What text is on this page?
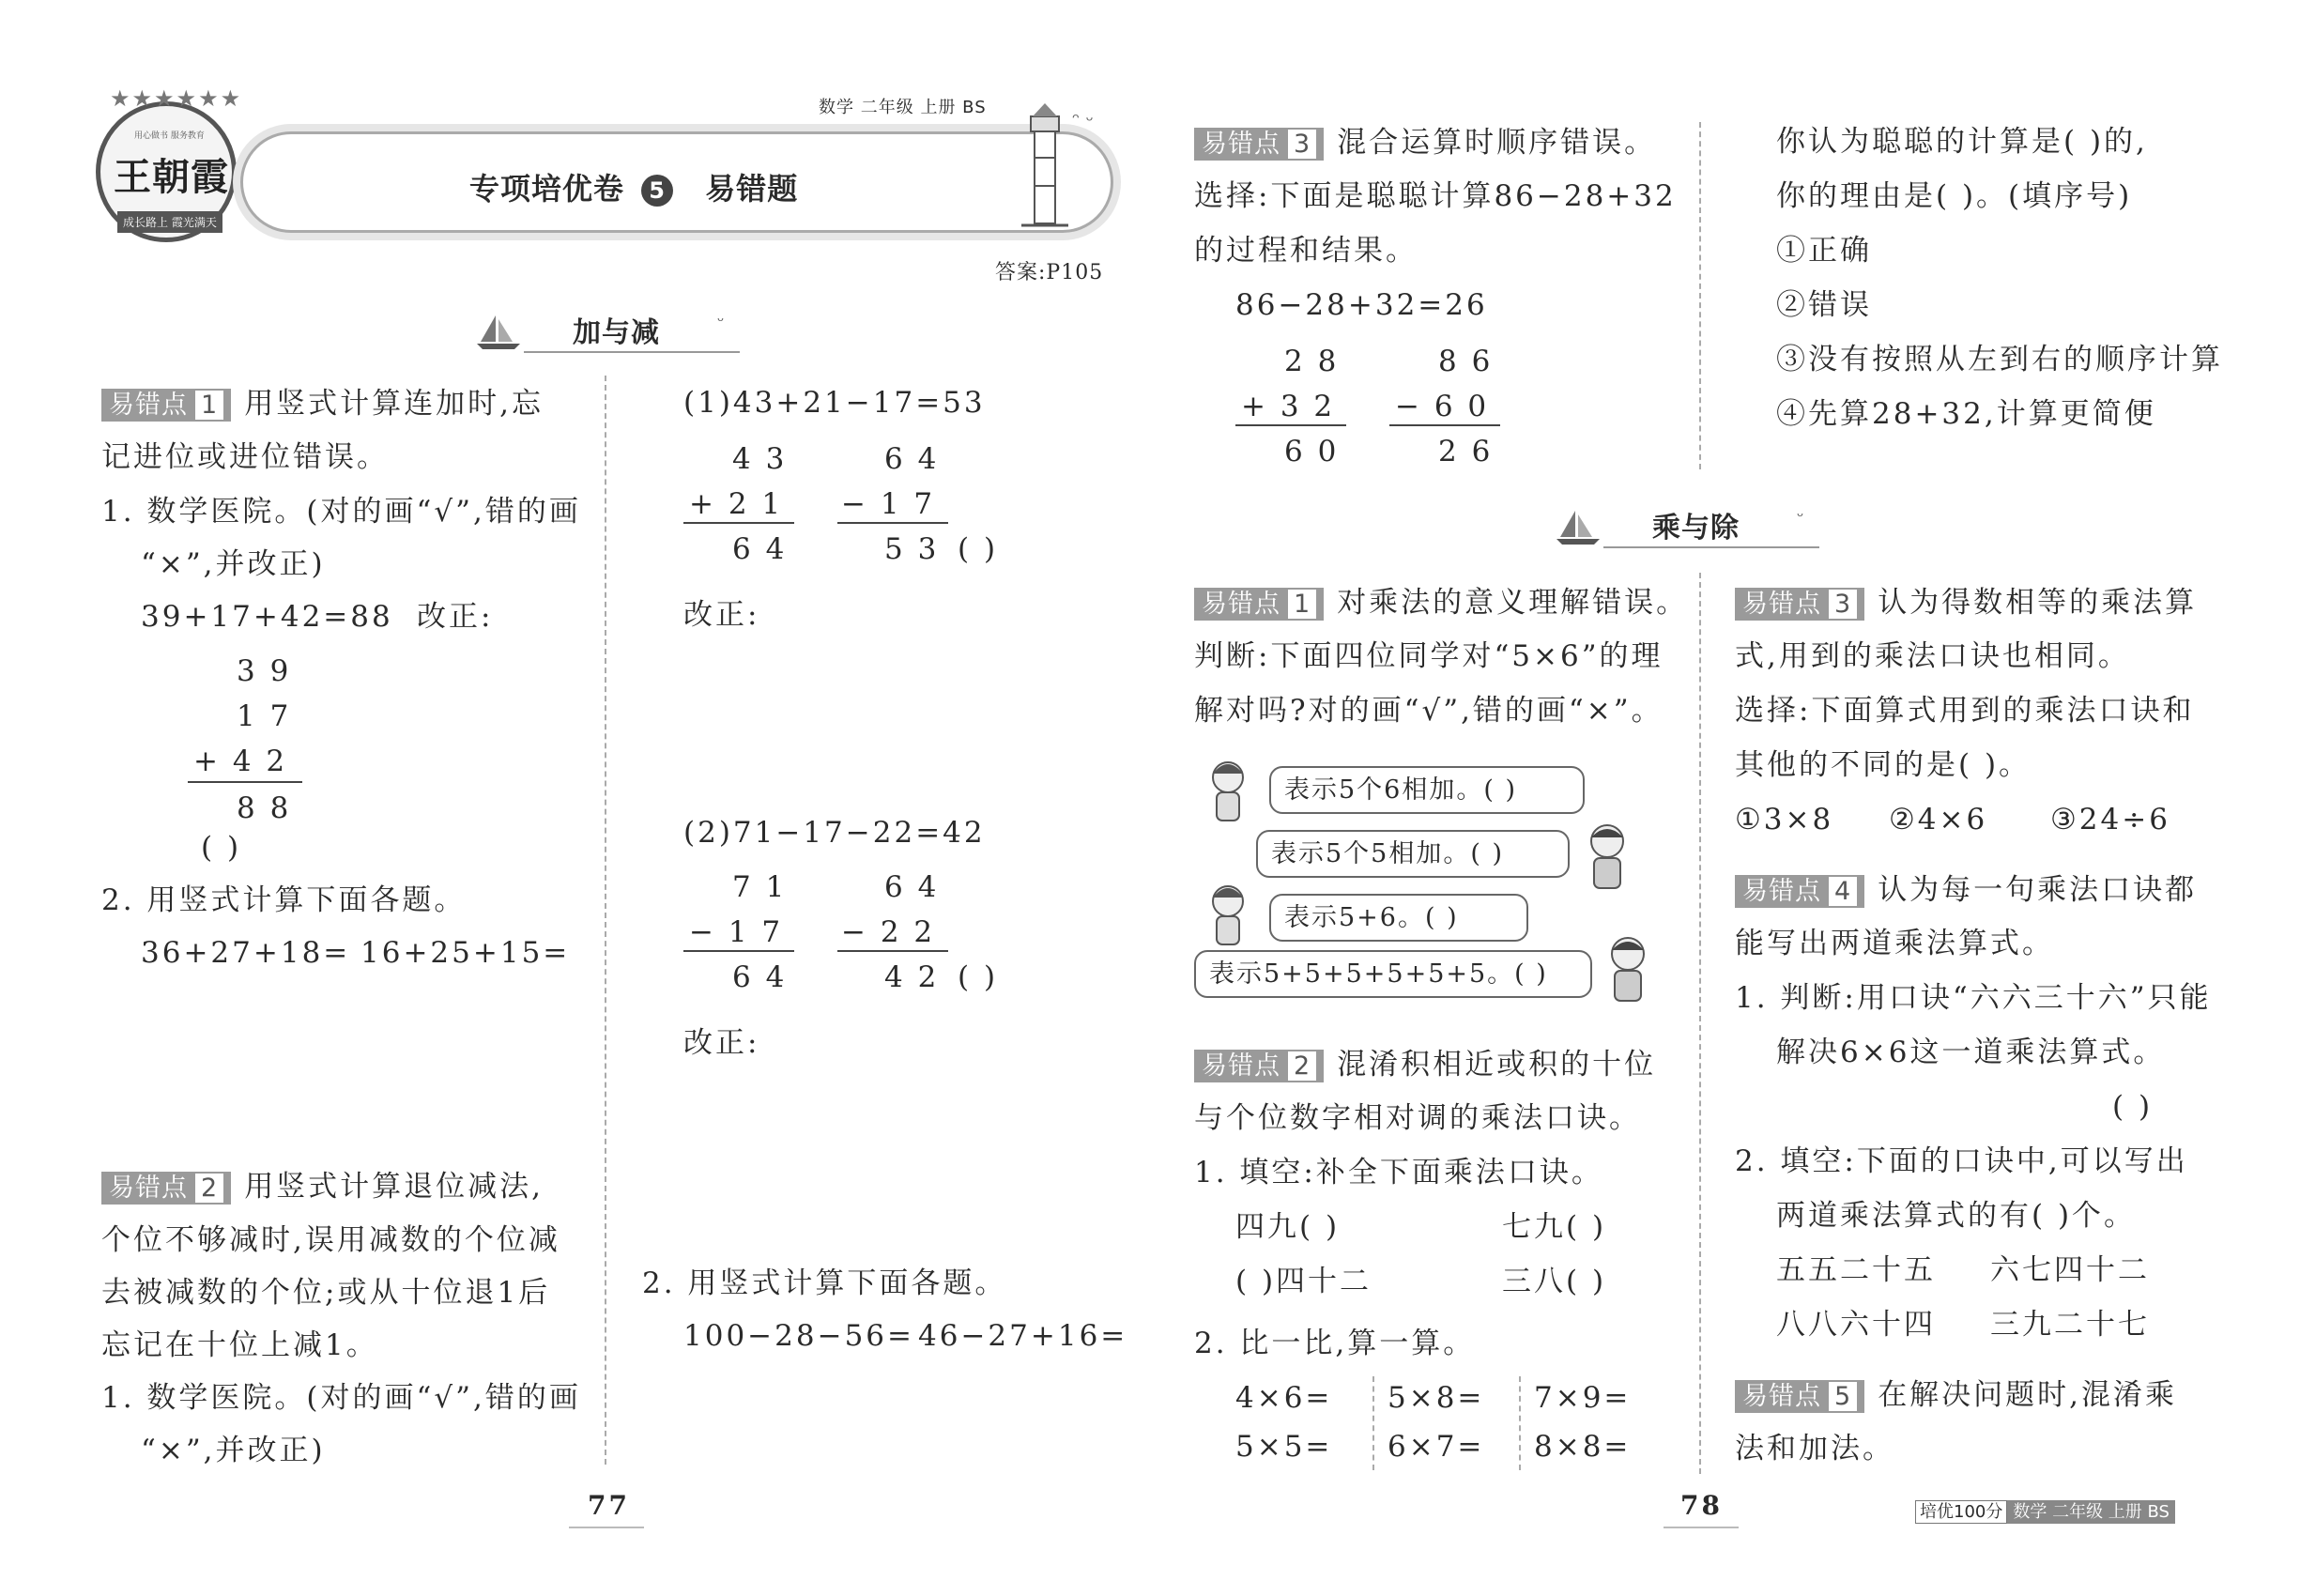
★★★★★★
王朝霞
用心做书 服务教育
成长路上 霞光满天
数学 二年级 上册 BS
ᵔ ᵕ
专项培优卷 5 易错题
答案:P105
加与减	ᵕ
易错点 1 用竖式计算连加时,忘
记进位或进位错误。
1. 数学医院。(对的画“√”,错的画
“×”,并改正)
39+17+42=88 改正:
3 9
1 7
+ 4 2
8 8
( )
2. 用竖式计算下面各题。
36+27+18= 16+25+15=
易错点 2 用竖式计算退位减法,
个位不够减时,误用减数的个位减
去被减数的个位;或从十位退1后
忘记在十位上减1。
1. 数学医院。(对的画“√”,错的画
“×”,并改正)
(1)43+21−17=53
4 3
+ 2 1
6 4
6 4
− 1 7
5 3 ( )
改正:
(2)71−17−22=42
7 1
− 1 7
6 4
6 4
− 2 2
4 2 ( )
改正:
2. 用竖式计算下面各题。
100−28−56= 46−27+16=
77
易错点 3 混合运算时顺序错误。
选择:下面是聪聪计算86−28+32
的过程和结果。
86−28+32=26
2 8
+ 3 2
6 0
8 6
− 6 0
2 6
你认为聪聪的计算是( )的,
你的理由是( )。(填序号)
①正确
②错误
③没有按照从左到右的顺序计算
④先算28+32,计算更简便
乘与除	ᵕ
易错点 1 对乘法的意义理解错误。
判断:下面四位同学对“5×6”的理
解对吗?对的画“√”,错的画“×”。
表示5个6相加。( )
表示5个5相加。( )
表示5+6。( )
表示5+5+5+5+5+5。( )
易错点 2 混淆积相近或积的十位
与个位数字相对调的乘法口诀。
1. 填空:补全下面乘法口诀。
四九( )	七九( )
( )四十二	三八( )
2. 比一比,算一算。
4×6= 5×8= 7×9=
5×5= 6×7= 8×8=
易错点 3 认为得数相等的乘法算
式,用到的乘法口诀也相同。
选择:下面算式用到的乘法口诀和
其他的不同的是( )。
①3×8 ②4×6 ③24÷6
易错点 4 认为每一句乘法口诀都
能写出两道乘法算式。
1. 判断:用口诀“六六三十六”只能
解决6×6这一道乘法算式。
( )
2. 填空:下面的口诀中,可以写出
两道乘法算式的有( )个。
五五二十五 六七四十二
八八六十四 三九二十七
易错点 5 在解决问题时,混淆乘
法和加法。
78	培优100分 数学 二年级 上册 BS
